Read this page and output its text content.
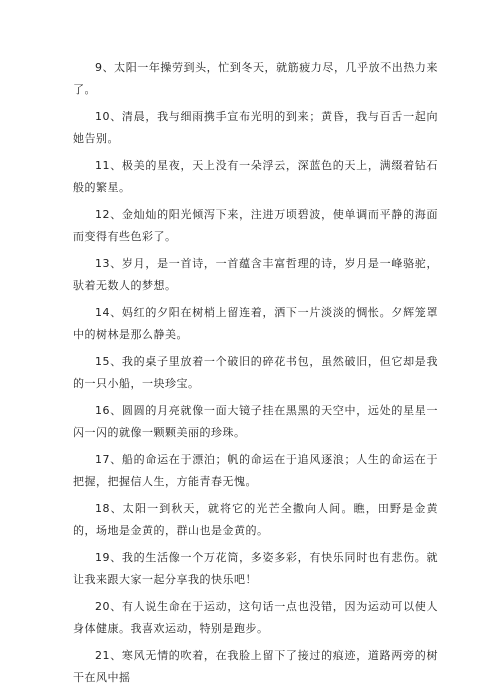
9、太阳一年操劳到头，忙到冬天，就筋疲力尽，几乎放不出热力来了。

10、清晨，我与细雨携手宣布光明的到来；黄昏，我与百舌一起向她告别。

11、极美的星夜，天上没有一朵浮云，深蓝色的天上，满缀着钻石般的繁星。

12、金灿灿的阳光倾泻下来，注进万顷碧波，使单调而平静的海面而变得有些色彩了。

13、岁月，是一首诗，一首蕴含丰富哲理的诗，岁月是一峰骆驼，驮着无数人的梦想。

14、妈红的夕阳在树梢上留连着，洒下一片淡淡的惆怅。夕辉笼罩中的树林是那么静美。

15、我的桌子里放着一个破旧的碎花书包，虽然破旧，但它却是我的一只小船，一块珍宝。

16、圆圆的月亮就像一面大镜子挂在黑黑的天空中，远处的星星一闪一闪的就像一颗颗美丽的珍珠。

17、船的命运在于漂泊；帆的命运在于追风逐浪；人生的命运在于把握，把握信人生，方能青春无愧。

18、太阳一到秋天，就将它的光芒全撒向人间。瞧，田野是金黄的，场地是金黄的，群山也是金黄的。

19、我的生活像一个万花筒，多姿多彩，有快乐同时也有悲伤。就让我来跟大家一起分享我的快乐吧！

20、有人说生命在于运动，这句话一点也没错，因为运动可以使人身体健康。我喜欢运动，特别是跑步。

21、寒风无情的吹着，在我脸上留下了接过的痕迹，道路两旁的树干在风中摇
